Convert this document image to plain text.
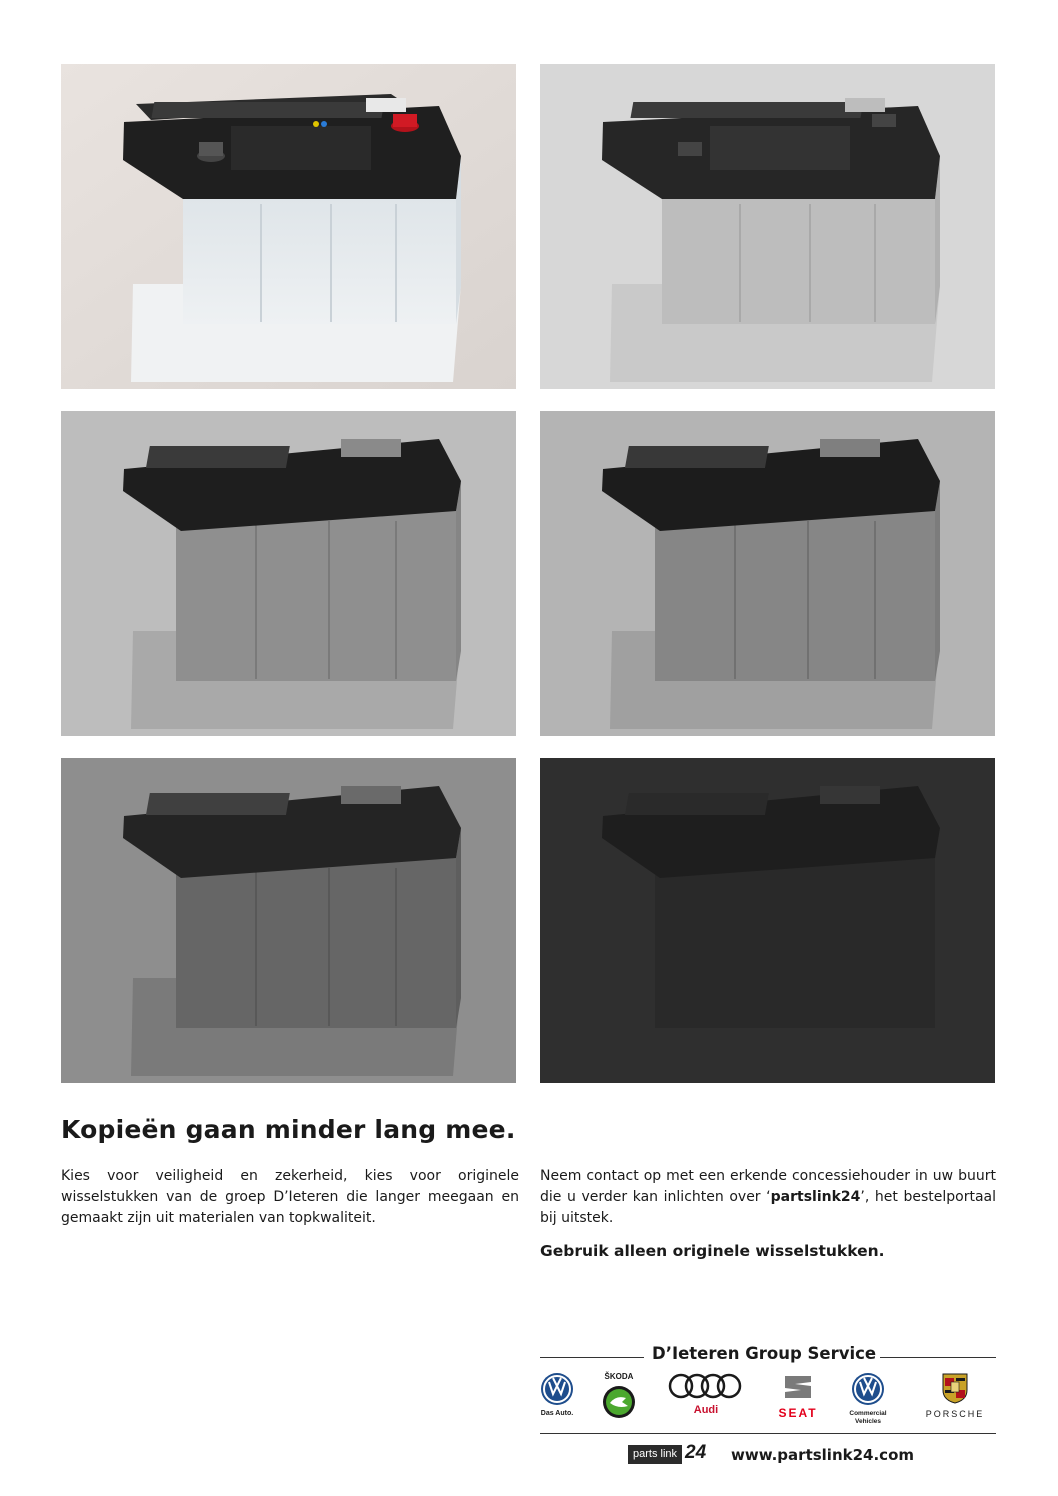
Kopieën gaan minder lang mee.

Kies voor veiligheid en zekerheid, kies voor originele wisselstukken van de groep D’Ieteren die langer meegaan en gemaakt zijn uit materialen van topkwaliteit.

Neem contact op met een erkende concessiehouder in uw buurt die u verder kan inlichten over ‘partslink24’, het bestelportaal bij uitstek.

Gebruik alleen originele wisselstukken.

D’Ieteren Group Service
Das Auto.
ŠKODA
Audi	SEAT	Commercial
Vehicles
PORSCHE
parts link 24 www.partslink24.com
